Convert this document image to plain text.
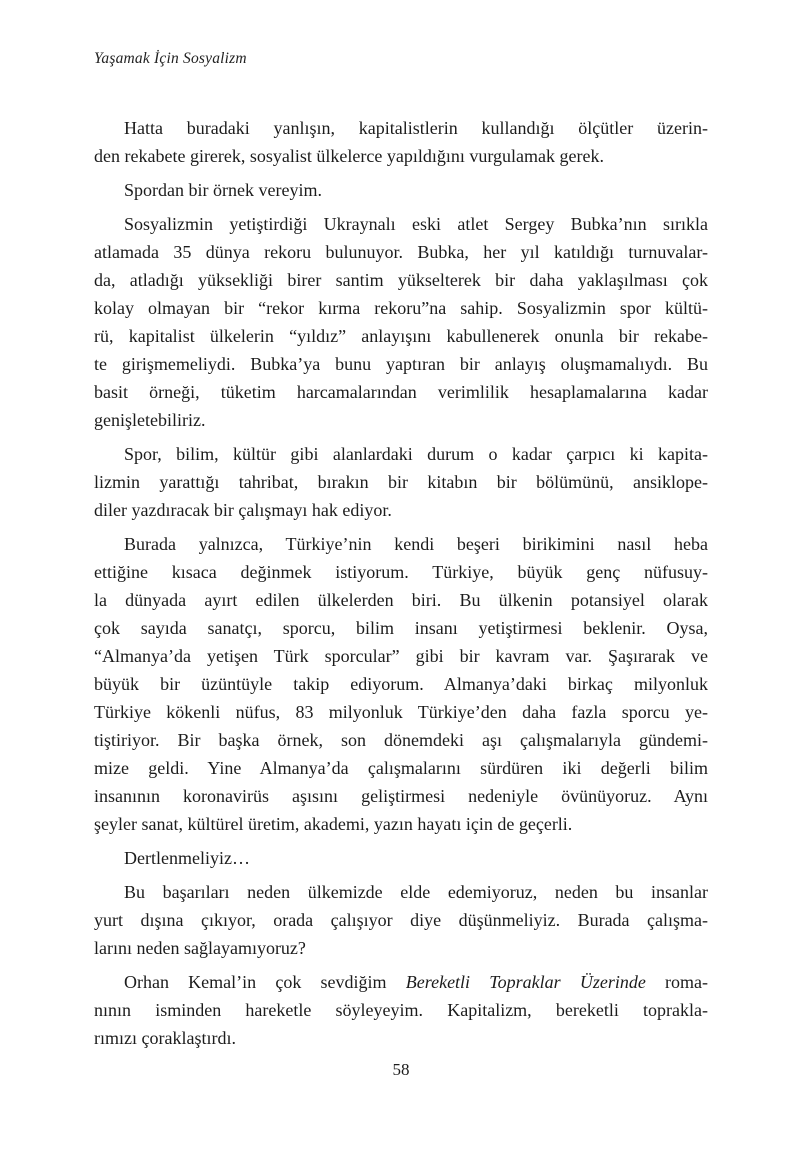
Yaşamak İçin Sosyalizm
Hatta buradaki yanlışın, kapitalistlerin kullandığı ölçütler üzerin-
den rekabete girerek, sosyalist ülkelerce yapıldığını vurgulamak gerek.
Spordan bir örnek vereyim.
Sosyalizmin yetiştirdiği Ukraynalı eski atlet Sergey Bubka’nın sırıkla
atlamada 35 dünya rekoru bulunuyor. Bubka, her yıl katıldığı turnuvalar-
da, atladığı yüksekliği birer santim yükselterek bir daha yaklaşılması çok
kolay olmayan bir “rekor kırma rekoru”na sahip. Sosyalizmin spor kültü-
rü, kapitalist ülkelerin “yıldız” anlayışını kabullenerek onunla bir rekabe-
te girişmemeliydi. Bubka’ya bunu yaptıran bir anlayış oluşmamalıydı. Bu
basit örneği, tüketim harcamalarından verimlilik hesaplamalarına kadar
genişletebiliriz.
Spor, bilim, kültür gibi alanlardaki durum o kadar çarpıcı ki kapita-
lizmin yarattığı tahribat, bırakın bir kitabın bir bölümünü, ansiklope-
diler yazdıracak bir çalışmayı hak ediyor.
Burada yalnızca, Türkiye’nin kendi beşeri birikimini nasıl heba
ettiğine kısaca değinmek istiyorum. Türkiye, büyük genç nüfusuy-
la dünyada ayırt edilen ülkelerden biri. Bu ülkenin potansiyel olarak
çok sayıda sanatçı, sporcu, bilim insanı yetiştirmesi beklenir. Oysa,
“Almanya’da yetişen Türk sporcular” gibi bir kavram var. Şaşırarak ve
büyük bir üzüntüyle takip ediyorum. Almanya’daki birkaç milyonluk
Türkiye kökenli nüfus, 83 milyonluk Türkiye’den daha fazla sporcu ye-
tiştiriyor. Bir başka örnek, son dönemdeki aşı çalışmalarıyla gündemi-
mize geldi. Yine Almanya’da çalışmalarını sürdüren iki değerli bilim
insanının koronavirüs aşısını geliştirmesi nedeniyle övünüyoruz. Aynı
şeyler sanat, kültürel üretim, akademi, yazın hayatı için de geçerli.
Dertlenmeliyiz…
Bu başarıları neden ülkemizde elde edemiyoruz, neden bu insanlar
yurt dışına çıkıyor, orada çalışıyor diye düşünmeliyiz. Burada çalışma-
larını neden sağlayamıyoruz?
Orhan Kemal’in çok sevdiğim Bereketli Topraklar Üzerinde roma-
nının isminden hareketle söyleyeyim. Kapitalizm, bereketli toprakla-
rımızı çoraklaştırdı.
58
